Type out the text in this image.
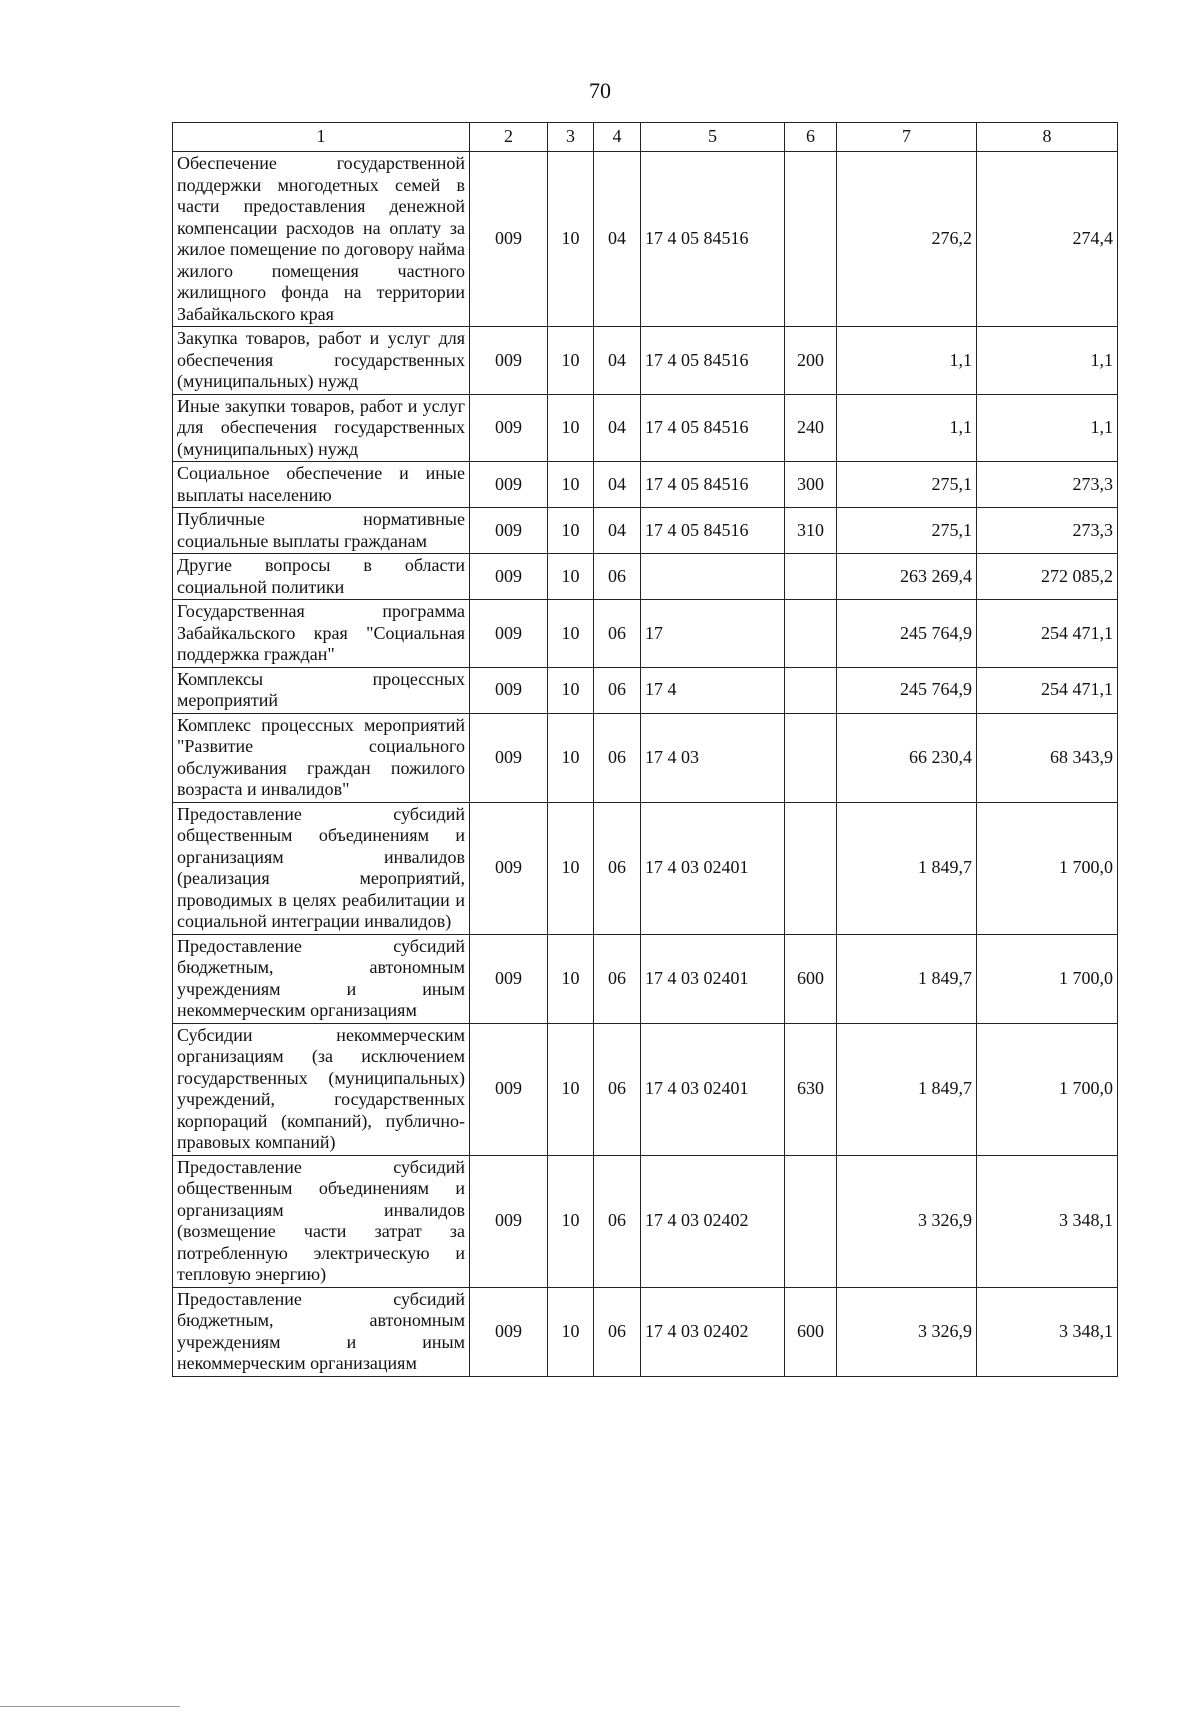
70
1	2	3	4	5	6	7	8
Обеспечение государственной поддержки многодетных семей в части предоставления денежной компенсации расходов на оплату за жилое помещение по договору найма жилого помещения частного жилищного фонда на территории Забайкальского края	009	10	04	17 4 05 84516		276,2	274,4
Закупка товаров, работ и услуг для обеспечения государственных (муниципальных) нужд	009	10	04	17 4 05 84516	200	1,1	1,1
Иные закупки товаров, работ и услуг для обеспечения государственных (муниципальных) нужд	009	10	04	17 4 05 84516	240	1,1	1,1
Социальное обеспечение и иные выплаты населению	009	10	04	17 4 05 84516	300	275,1	273,3
Публичные нормативные социальные выплаты гражданам	009	10	04	17 4 05 84516	310	275,1	273,3
Другие вопросы в области социальной политики	009	10	06			263 269,4	272 085,2
Государственная программа Забайкальского края "Социальная поддержка граждан"	009	10	06	17		245 764,9	254 471,1
Комплексы процессных мероприятий	009	10	06	17 4		245 764,9	254 471,1
Комплекс процессных мероприятий "Развитие социального обслуживания граждан пожилого возраста и инвалидов"	009	10	06	17 4 03		66 230,4	68 343,9
Предоставление субсидий общественным объединениям и организациям инвалидов (реализация мероприятий, проводимых в целях реабилитации и социальной интеграции инвалидов)	009	10	06	17 4 03 02401		1 849,7	1 700,0
Предоставление субсидий бюджетным, автономным учреждениям и иным некоммерческим организациям	009	10	06	17 4 03 02401	600	1 849,7	1 700,0
Субсидии некоммерческим организациям (за исключением государственных (муниципальных) учреждений, государственных корпораций (компаний), публично-правовых компаний)	009	10	06	17 4 03 02401	630	1 849,7	1 700,0
Предоставление субсидий общественным объединениям и организациям инвалидов (возмещение части затрат за потребленную электрическую и тепловую энергию)	009	10	06	17 4 03 02402		3 326,9	3 348,1
Предоставление субсидий бюджетным, автономным учреждениям и иным некоммерческим организациям	009	10	06	17 4 03 02402	600	3 326,9	3 348,1
